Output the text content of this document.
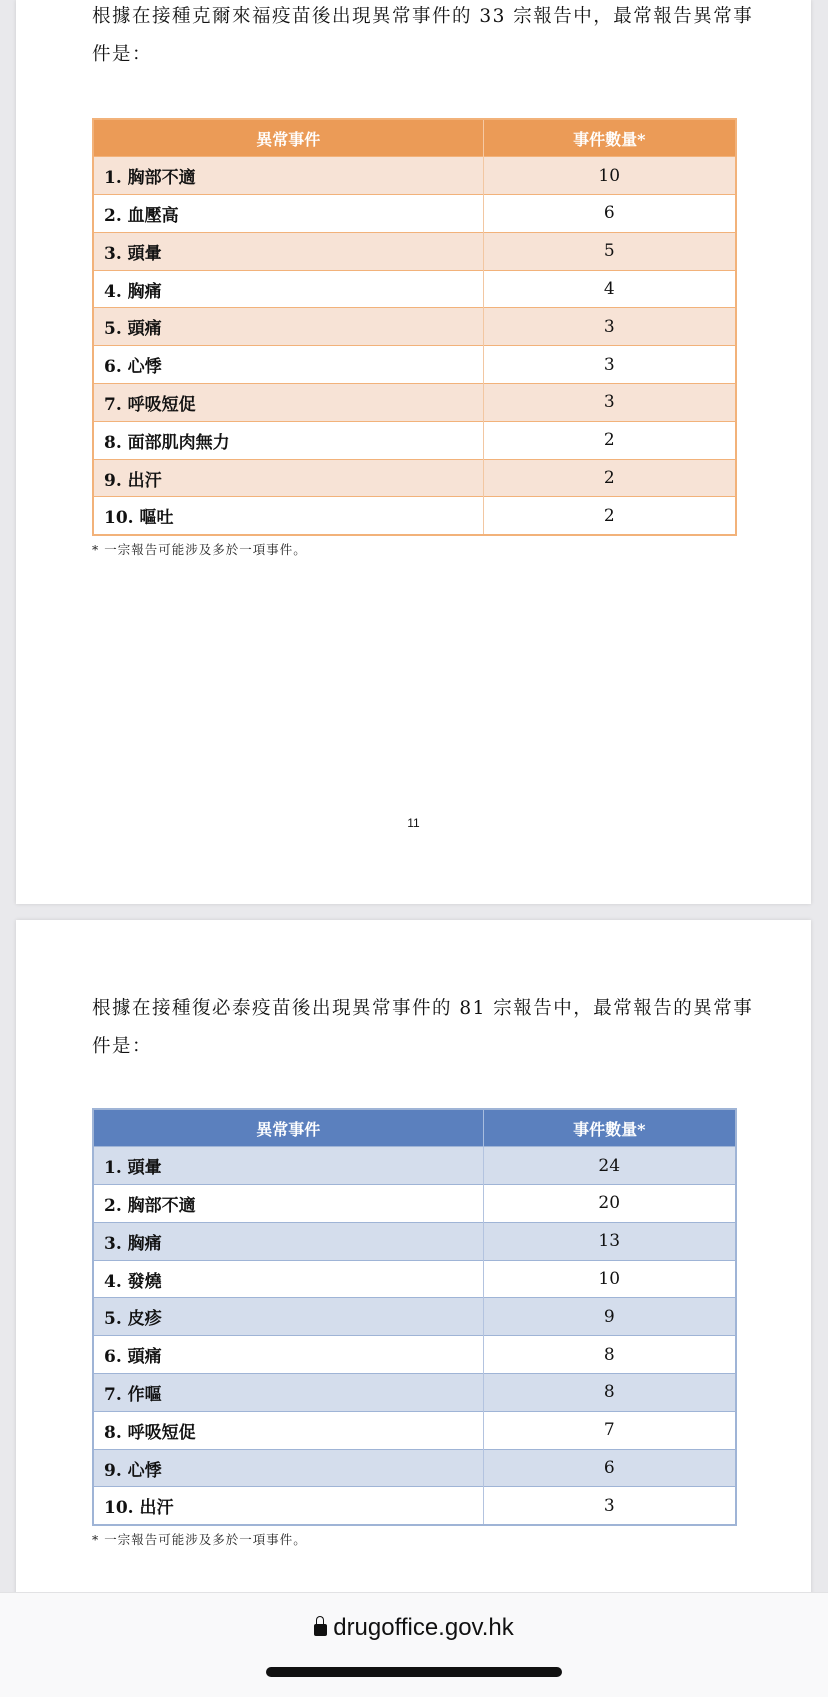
根據在接種克爾來福疫苗後出現異常事件的 33 宗報告中，最常報告異常事件是：
異常事件	事件數量*
1. 胸部不適	10
2. 血壓高	6
3. 頭暈	5
4. 胸痛	4
5. 頭痛	3
6. 心悸	3
7. 呼吸短促	3
8. 面部肌肉無力	2
9. 出汗	2
10. 嘔吐	2
* 一宗報告可能涉及多於一項事件。
11
根據在接種復必泰疫苗後出現異常事件的 81 宗報告中，最常報告的異常事件是：
異常事件	事件數量*
1. 頭暈	24
2. 胸部不適	20
3. 胸痛	13
4. 發燒	10
5. 皮疹	9
6. 頭痛	8
7. 作嘔	8
8. 呼吸短促	7
9. 心悸	6
10. 出汗	3
* 一宗報告可能涉及多於一項事件。
drugoffice.gov.hk
